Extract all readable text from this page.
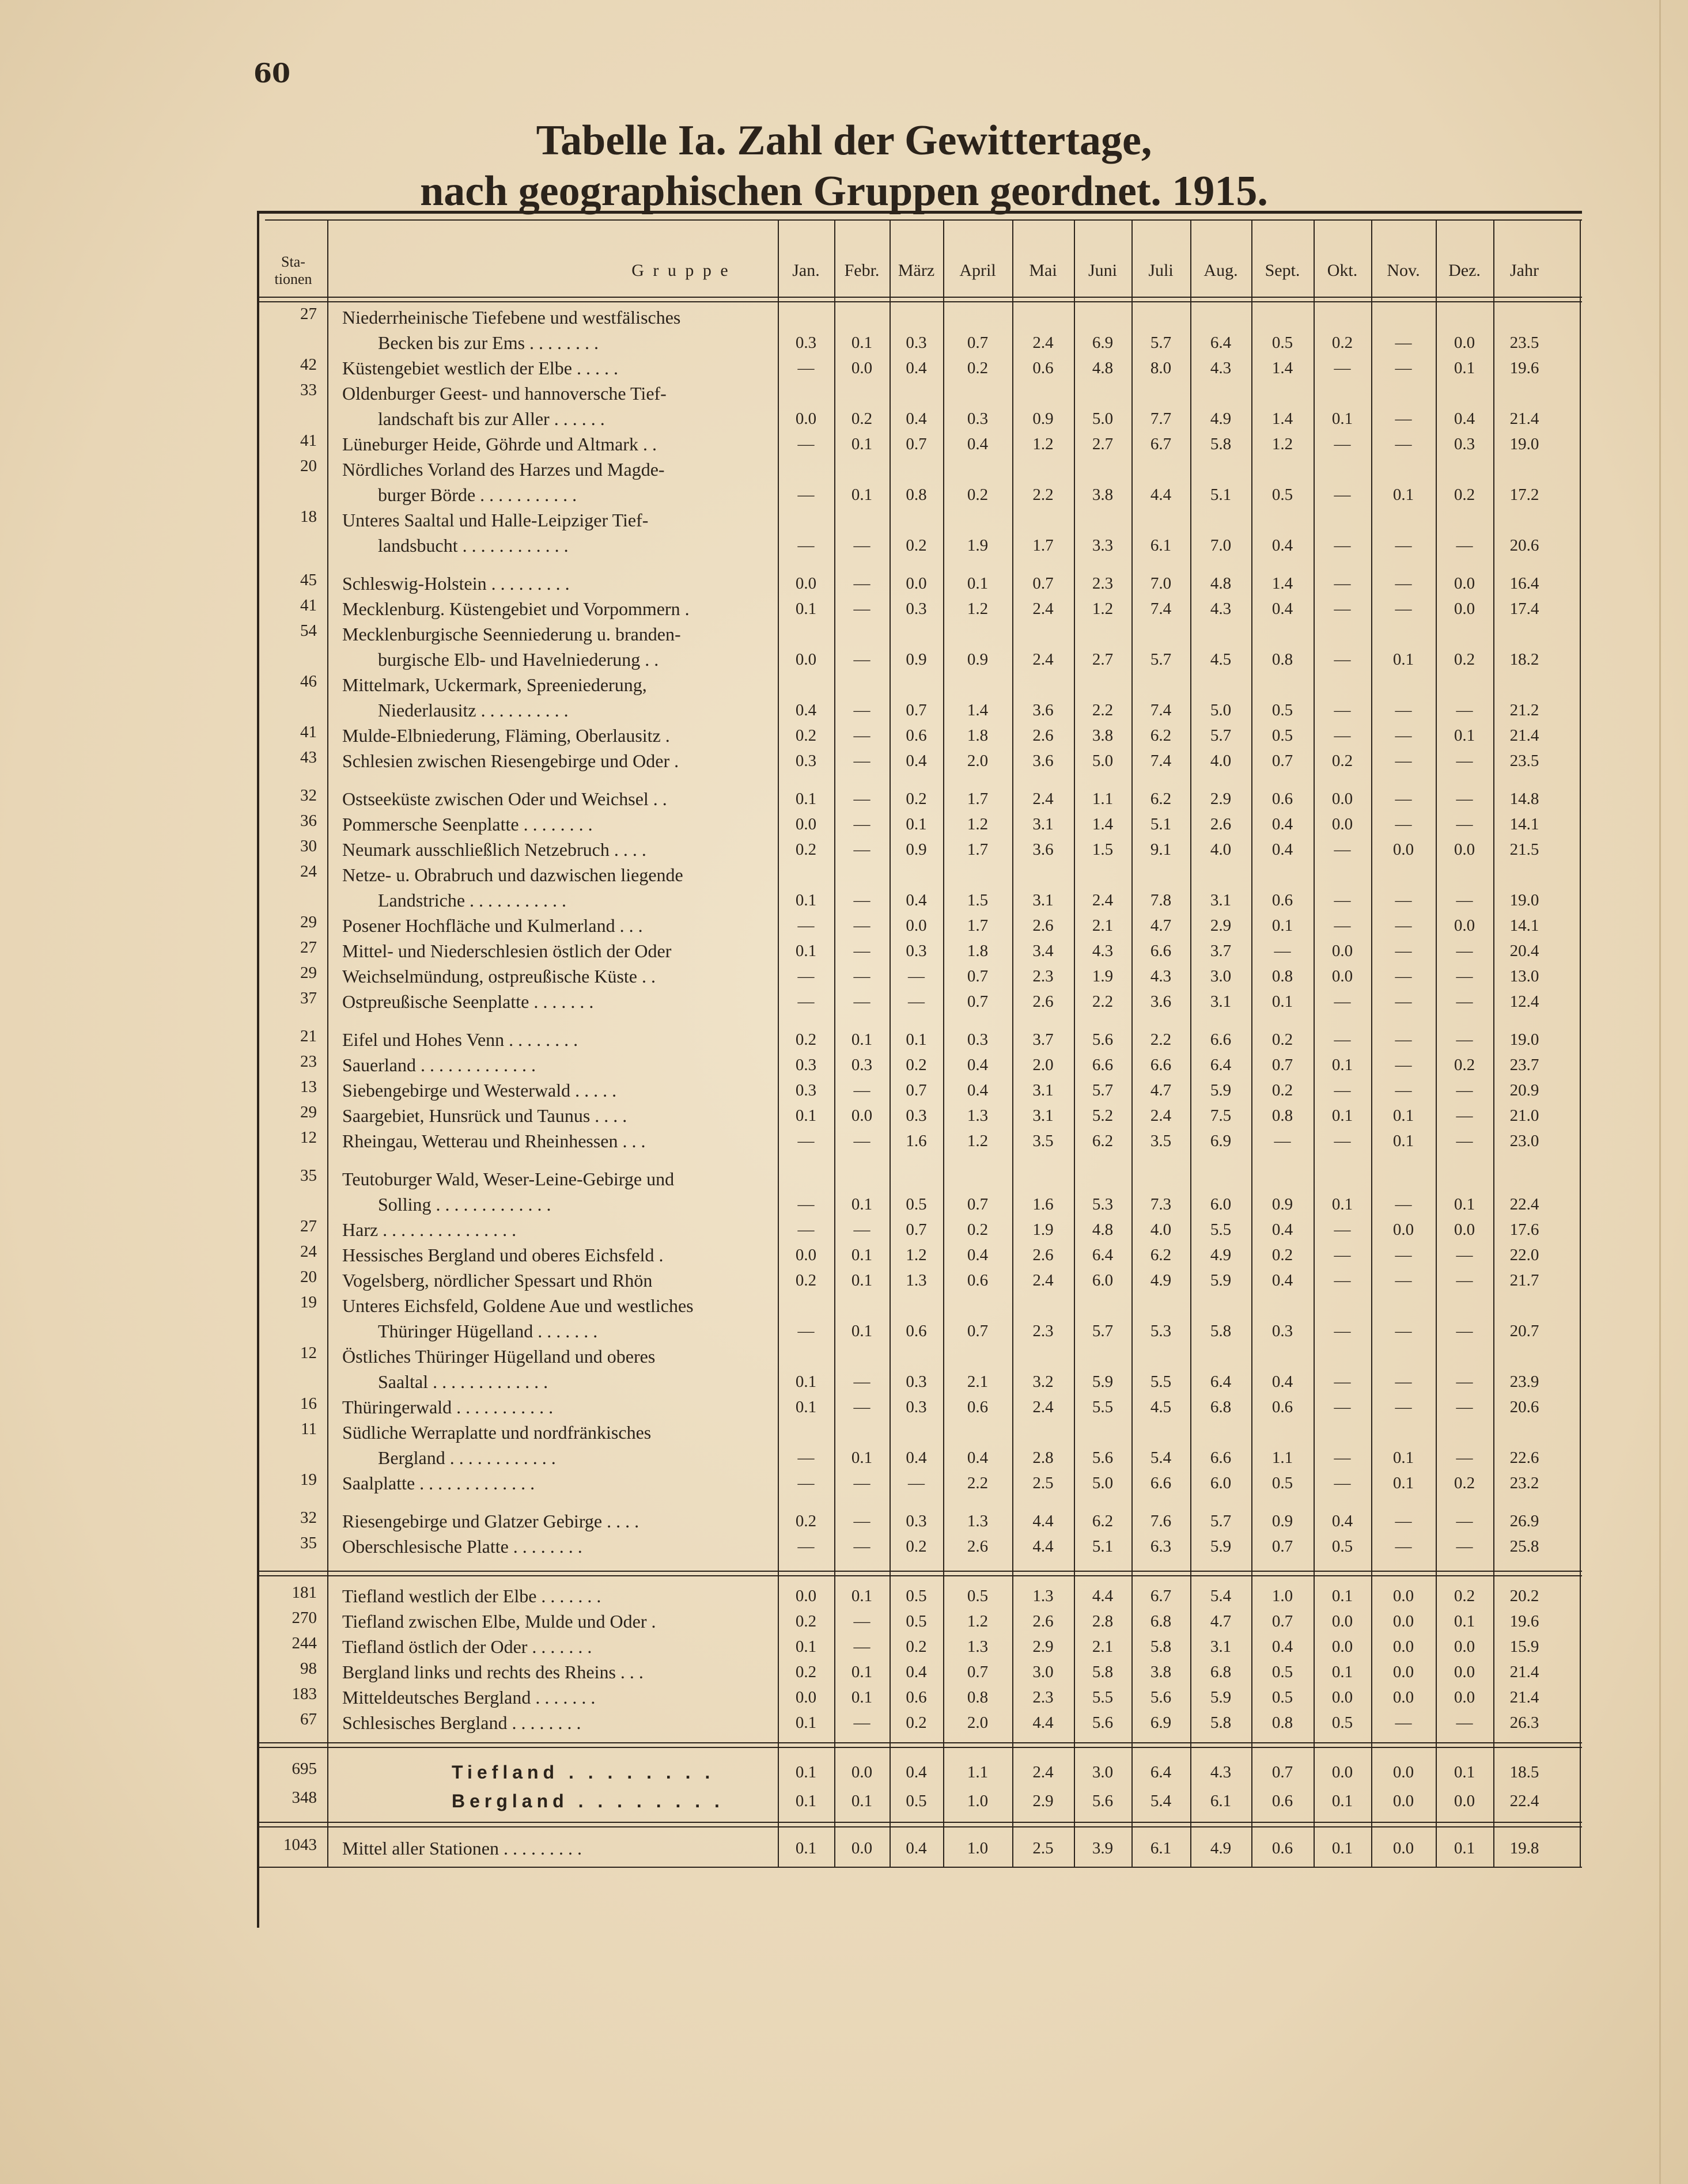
60
Tabelle Ia. Zahl der Gewittertage,
nach geographischen Gruppen geordnet. 1915.
Sta-
tionen	G r u p p e	Jan.	Febr.	März	April	Mai	Juni	Juli	Aug.	Sept.	Okt.	Nov.	Dez.	Jahr
27 Niederrheinische Tiefebene und westfälisches
Becken bis zur Ems . . . . . . . .	0.3	0.1	0.3	0.7	2.4	6.9	5.7	6.4	0.5	0.2	—	0.0	23.5
42 Küstengebiet westlich der Elbe . . . . .	—	0.0	0.4	0.2	0.6	4.8	8.0	4.3	1.4	—	—	0.1	19.6
33 Oldenburger Geest- und hannoversche Tief-
landschaft bis zur Aller . . . . . .	0.0	0.2	0.4	0.3	0.9	5.0	7.7	4.9	1.4	0.1	—	0.4	21.4
41 Lüneburger Heide, Göhrde und Altmark . .	—	0.1	0.7	0.4	1.2	2.7	6.7	5.8	1.2	—	—	0.3	19.0
20 Nördliches Vorland des Harzes und Magde-
burger Börde . . . . . . . . . . .	—	0.1	0.8	0.2	2.2	3.8	4.4	5.1	0.5	—	0.1	0.2	17.2
18 Unteres Saaltal und Halle-Leipziger Tief-
landsbucht . . . . . . . . . . . .	—	—	0.2	1.9	1.7	3.3	6.1	7.0	0.4	—	—	—	20.6
45 Schleswig-Holstein . . . . . . . . .	0.0	—	0.0	0.1	0.7	2.3	7.0	4.8	1.4	—	—	0.0	16.4
41 Mecklenburg. Küstengebiet und Vorpommern .	0.1	—	0.3	1.2	2.4	1.2	7.4	4.3	0.4	—	—	0.0	17.4
54 Mecklenburgische Seenniederung u. branden-
burgische Elb- und Havelniederung . .	0.0	—	0.9	0.9	2.4	2.7	5.7	4.5	0.8	—	0.1	0.2	18.2
46 Mittelmark, Uckermark, Spreeniederung,
Niederlausitz . . . . . . . . . .	0.4	—	0.7	1.4	3.6	2.2	7.4	5.0	0.5	—	—	—	21.2
41 Mulde-Elbniederung, Fläming, Oberlausitz .	0.2	—	0.6	1.8	2.6	3.8	6.2	5.7	0.5	—	—	0.1	21.4
43 Schlesien zwischen Riesengebirge und Oder .	0.3	—	0.4	2.0	3.6	5.0	7.4	4.0	0.7	0.2	—	—	23.5
32 Ostseeküste zwischen Oder und Weichsel . .	0.1	—	0.2	1.7	2.4	1.1	6.2	2.9	0.6	0.0	—	—	14.8
36 Pommersche Seenplatte . . . . . . . .	0.0	—	0.1	1.2	3.1	1.4	5.1	2.6	0.4	0.0	—	—	14.1
30 Neumark ausschließlich Netzebruch . . . .	0.2	—	0.9	1.7	3.6	1.5	9.1	4.0	0.4	—	0.0	0.0	21.5
24 Netze- u. Obrabruch und dazwischen liegende
Landstriche . . . . . . . . . . .	0.1	—	0.4	1.5	3.1	2.4	7.8	3.1	0.6	—	—	—	19.0
29 Posener Hochfläche und Kulmerland . . .	—	—	0.0	1.7	2.6	2.1	4.7	2.9	0.1	—	—	0.0	14.1
27 Mittel- und Niederschlesien östlich der Oder	0.1	—	0.3	1.8	3.4	4.3	6.6	3.7	—	0.0	—	—	20.4
29 Weichselmündung, ostpreußische Küste . .	—	—	—	0.7	2.3	1.9	4.3	3.0	0.8	0.0	—	—	13.0
37 Ostpreußische Seenplatte . . . . . . .	—	—	—	0.7	2.6	2.2	3.6	3.1	0.1	—	—	—	12.4
21 Eifel und Hohes Venn . . . . . . . .	0.2	0.1	0.1	0.3	3.7	5.6	2.2	6.6	0.2	—	—	—	19.0
23 Sauerland . . . . . . . . . . . . .	0.3	0.3	0.2	0.4	2.0	6.6	6.6	6.4	0.7	0.1	—	0.2	23.7
13 Siebengebirge und Westerwald . . . . .	0.3	—	0.7	0.4	3.1	5.7	4.7	5.9	0.2	—	—	—	20.9
29 Saargebiet, Hunsrück und Taunus . . . .	0.1	0.0	0.3	1.3	3.1	5.2	2.4	7.5	0.8	0.1	0.1	—	21.0
12 Rheingau, Wetterau und Rheinhessen . . .	—	—	1.6	1.2	3.5	6.2	3.5	6.9	—	—	0.1	—	23.0
35 Teutoburger Wald, Weser-Leine-Gebirge und
Solling . . . . . . . . . . . . .	—	0.1	0.5	0.7	1.6	5.3	7.3	6.0	0.9	0.1	—	0.1	22.4
27 Harz . . . . . . . . . . . . . . .	—	—	0.7	0.2	1.9	4.8	4.0	5.5	0.4	—	0.0	0.0	17.6
24 Hessisches Bergland und oberes Eichsfeld .	0.0	0.1	1.2	0.4	2.6	6.4	6.2	4.9	0.2	—	—	—	22.0
20 Vogelsberg, nördlicher Spessart und Rhön	0.2	0.1	1.3	0.6	2.4	6.0	4.9	5.9	0.4	—	—	—	21.7
19 Unteres Eichsfeld, Goldene Aue und westliches
Thüringer Hügelland . . . . . . .	—	0.1	0.6	0.7	2.3	5.7	5.3	5.8	0.3	—	—	—	20.7
12 Östliches Thüringer Hügelland und oberes
Saaltal . . . . . . . . . . . . .	0.1	—	0.3	2.1	3.2	5.9	5.5	6.4	0.4	—	—	—	23.9
16 Thüringerwald . . . . . . . . . . .	0.1	—	0.3	0.6	2.4	5.5	4.5	6.8	0.6	—	—	—	20.6
11 Südliche Werraplatte und nordfränkisches
Bergland . . . . . . . . . . . .	—	0.1	0.4	0.4	2.8	5.6	5.4	6.6	1.1	—	0.1	—	22.6
19 Saalplatte . . . . . . . . . . . . .	—	—	—	2.2	2.5	5.0	6.6	6.0	0.5	—	0.1	0.2	23.2
32 Riesengebirge und Glatzer Gebirge . . . .	0.2	—	0.3	1.3	4.4	6.2	7.6	5.7	0.9	0.4	—	—	26.9
35 Oberschlesische Platte . . . . . . . .	—	—	0.2	2.6	4.4	5.1	6.3	5.9	0.7	0.5	—	—	25.8
181 Tiefland westlich der Elbe . . . . . . .	0.0	0.1	0.5	0.5	1.3	4.4	6.7	5.4	1.0	0.1	0.0	0.2	20.2
270 Tiefland zwischen Elbe, Mulde und Oder .	0.2	—	0.5	1.2	2.6	2.8	6.8	4.7	0.7	0.0	0.0	0.1	19.6
244 Tiefland östlich der Oder . . . . . . .	0.1	—	0.2	1.3	2.9	2.1	5.8	3.1	0.4	0.0	0.0	0.0	15.9
98 Bergland links und rechts des Rheins . . .	0.2	0.1	0.4	0.7	3.0	5.8	3.8	6.8	0.5	0.1	0.0	0.0	21.4
183 Mitteldeutsches Bergland . . . . . . .	0.0	0.1	0.6	0.8	2.3	5.5	5.6	5.9	0.5	0.0	0.0	0.0	21.4
67 Schlesisches Bergland . . . . . . . .	0.1	—	0.2	2.0	4.4	5.6	6.9	5.8	0.8	0.5	—	—	26.3
695	Tiefland . . . . . . . .	0.1	0.0	0.4	1.1	2.4	3.0	6.4	4.3	0.7	0.0	0.0	0.1	18.5
348	Bergland . . . . . . . .	0.1	0.1	0.5	1.0	2.9	5.6	5.4	6.1	0.6	0.1	0.0	0.0	22.4
1043 Mittel aller Stationen . . . . . . . . .	0.1	0.0	0.4	1.0	2.5	3.9	6.1	4.9	0.6	0.1	0.0	0.1	19.8
